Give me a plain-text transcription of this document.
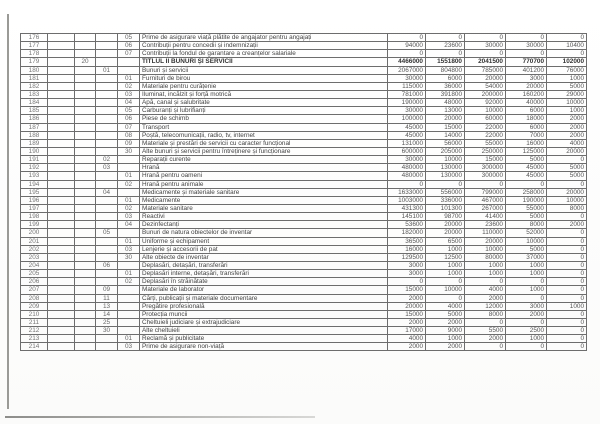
176				05	Prime de asigurare viață plătite de angajator pentru angajați	0	0	0	0	0
177				06	Contribuții pentru concedii și indemnizații	94000	23600	30000	30000	10400
178				07	Contribuții la fondul de garantare a creanțelor salariale	0	0	0	0	0
179		20			TITLUL II BUNURI ȘI SERVICII	4466000	1551800	2041500	770700	102000
180			01		Bunuri și servicii	2067000	804800	785000	401200	76000
181				01	Furnituri de birou	30000	6000	20000	3000	1000
182				02	Materiale pentru curățenie	115000	36000	54000	20000	5000
183				03	Iluminat, incălzit și forță motrică	781000	391800	200000	160200	29000
184				04	Apă, canal și salubritate	190000	48000	92000	40000	10000
185				05	Carburanți și lubrifianți	30000	13000	10000	6000	1000
186				06	Piese de schimb	100000	20000	60000	18000	2000
187				07	Transport	45000	15000	22000	6000	2000
188				08	Poștă, telecomunicații, radio, tv, internet	45000	14000	22000	7000	2000
189				09	Materiale și prestări de servicii cu caracter funcțional	131000	56000	55000	16000	4000
190				30	Alte bunuri și servicii pentru întreținere și funcționare	600000	205000	250000	125000	20000
191			02		Reparații curente	30000	10000	15000	5000	0
192			03		Hrană	480000	130000	300000	45000	5000
193				01	Hrană pentru oameni	480000	130000	300000	45000	5000
194				02	Hrană pentru animale	0	0	0	0	0
195			04		Medicamente și materiale sanitare	1633000	556000	799000	258000	20000
196				01	Medicamente	1003000	336000	467000	190000	10000
197				02	Materiale sanitare	431300	101300	267000	55000	8000
198				03	Reactivi	145100	98700	41400	5000	0
199				04	Dezinfectanți	53600	20000	23600	8000	2000
200			05		Bunuri de natura obiectelor de inventar	182000	20000	110000	52000	0
201				01	Uniforme și echipament	36500	6500	20000	10000	0
202				03	Lenjerie și accesorii de pat	16000	1000	10000	5000	0
203				30	Alte obiecte de inventar	129500	12500	80000	37000	0
204			06		Deplasări, detașări, transferări	3000	1000	1000	1000	0
205				01	Deplasări interne, detașări, transferări	3000	1000	1000	1000	0
206				02	Deplasări în străinătate	0	0	0	0	0
207			09		Materiale de laborator	15000	10000	4000	1000	0
208			11		Cărți, publicații și materiale documentare	2000	0	2000	0	0
209			13		Pregătire profesională	20000	4000	12000	3000	1000
210			14		Protecția muncii	15000	5000	8000	2000	0
211			25		Cheltuieli judiciare și extrajudiciare	2000	2000	0	0	0
212			30		Alte cheltuieli	17000	9000	5500	2500	0
213				01	Reclamă și publicitate	4000	1000	2000	1000	0
214				03	Prime de asigurare non-viață	2000	2000	0	0	0
